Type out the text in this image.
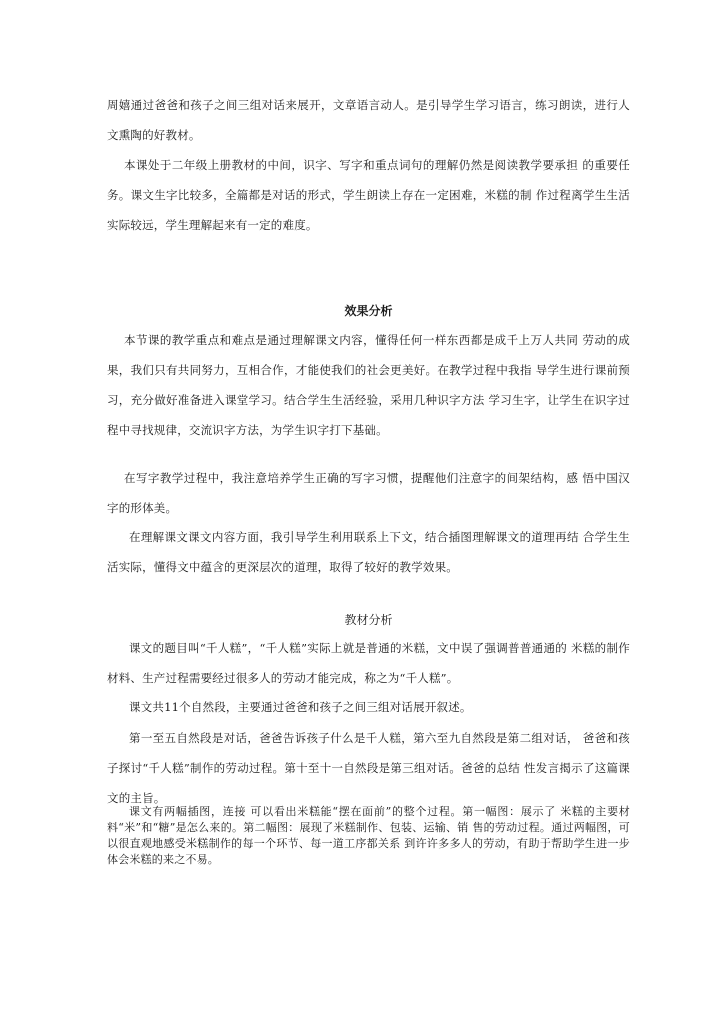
周嬉通过爸爸和孩子之间三组对话来展开，文章语言动人。是引导学生学习语言，练习朗读，进行人文熏陶的好教材。

本课处于二年级上册教材的中间，识字、写字和重点词句的理解仍然是阅读教学要承担 的重要任务。课文生字比较多，全篇都是对话的形式，学生朗读上存在一定困难，米糕的制 作过程离学生生活实际较远，学生理解起来有一定的难度。

效果分析

本节课的教学重点和难点是通过理解课文内容，懂得任何一样东西都是成千上万人共同 劳动的成果，我们只有共同努力，互相合作，才能使我们的社会更美好。在教学过程中我指 导学生进行课前预习，充分做好准备进入课堂学习。结合学生生活经验，采用几种识字方法 学习生字，让学生在识字过程中寻找规律，交流识字方法，为学生识字打下基础。

在写字教学过程中，我注意培养学生正确的写字习惯，提醒他们注意字的间架结构，感 悟中国汉字的形体美。

在理解课文课文内容方面，我引导学生利用联系上下文，结合插图理解课文的道理再结 合学生生活实际，懂得文中蕴含的更深层次的道理，取得了较好的教学效果。

教材分析

课文的题目叫“千人糕”，“千人糕”实际上就是普通的米糕，文中误了强调普普通通的 米糕的制作材料、生产过程需要经过很多人的劳动才能完成，称之为“千人糕”。

课文共11个自然段，主要通过爸爸和孩子之间三组对话展开叙述。

第一至五自然段是对话，爸爸告诉孩子什么是千人糕，第六至九自然段是第二组对话， 爸爸和孩子探讨“千人糕”制作的劳动过程。第十至十一自然段是第三组对话。爸爸的总结 性发言揭示了这篇课文的主旨。

课文有两幅插图，连接 可以看出米糕能“摆在面前”的整个过程。第一幅图：展示了 米糕的主要材料“米”和“糖”是怎么来的。第二幅图：展现了米糕制作、包装、运输、销 售的劳动过程。通过两幅图，可以很直观地感受米糕制作的每一个环节、每一道工序都关系 到许许多多人的劳动，有助于帮助学生进一步体会米糕的来之不易。
